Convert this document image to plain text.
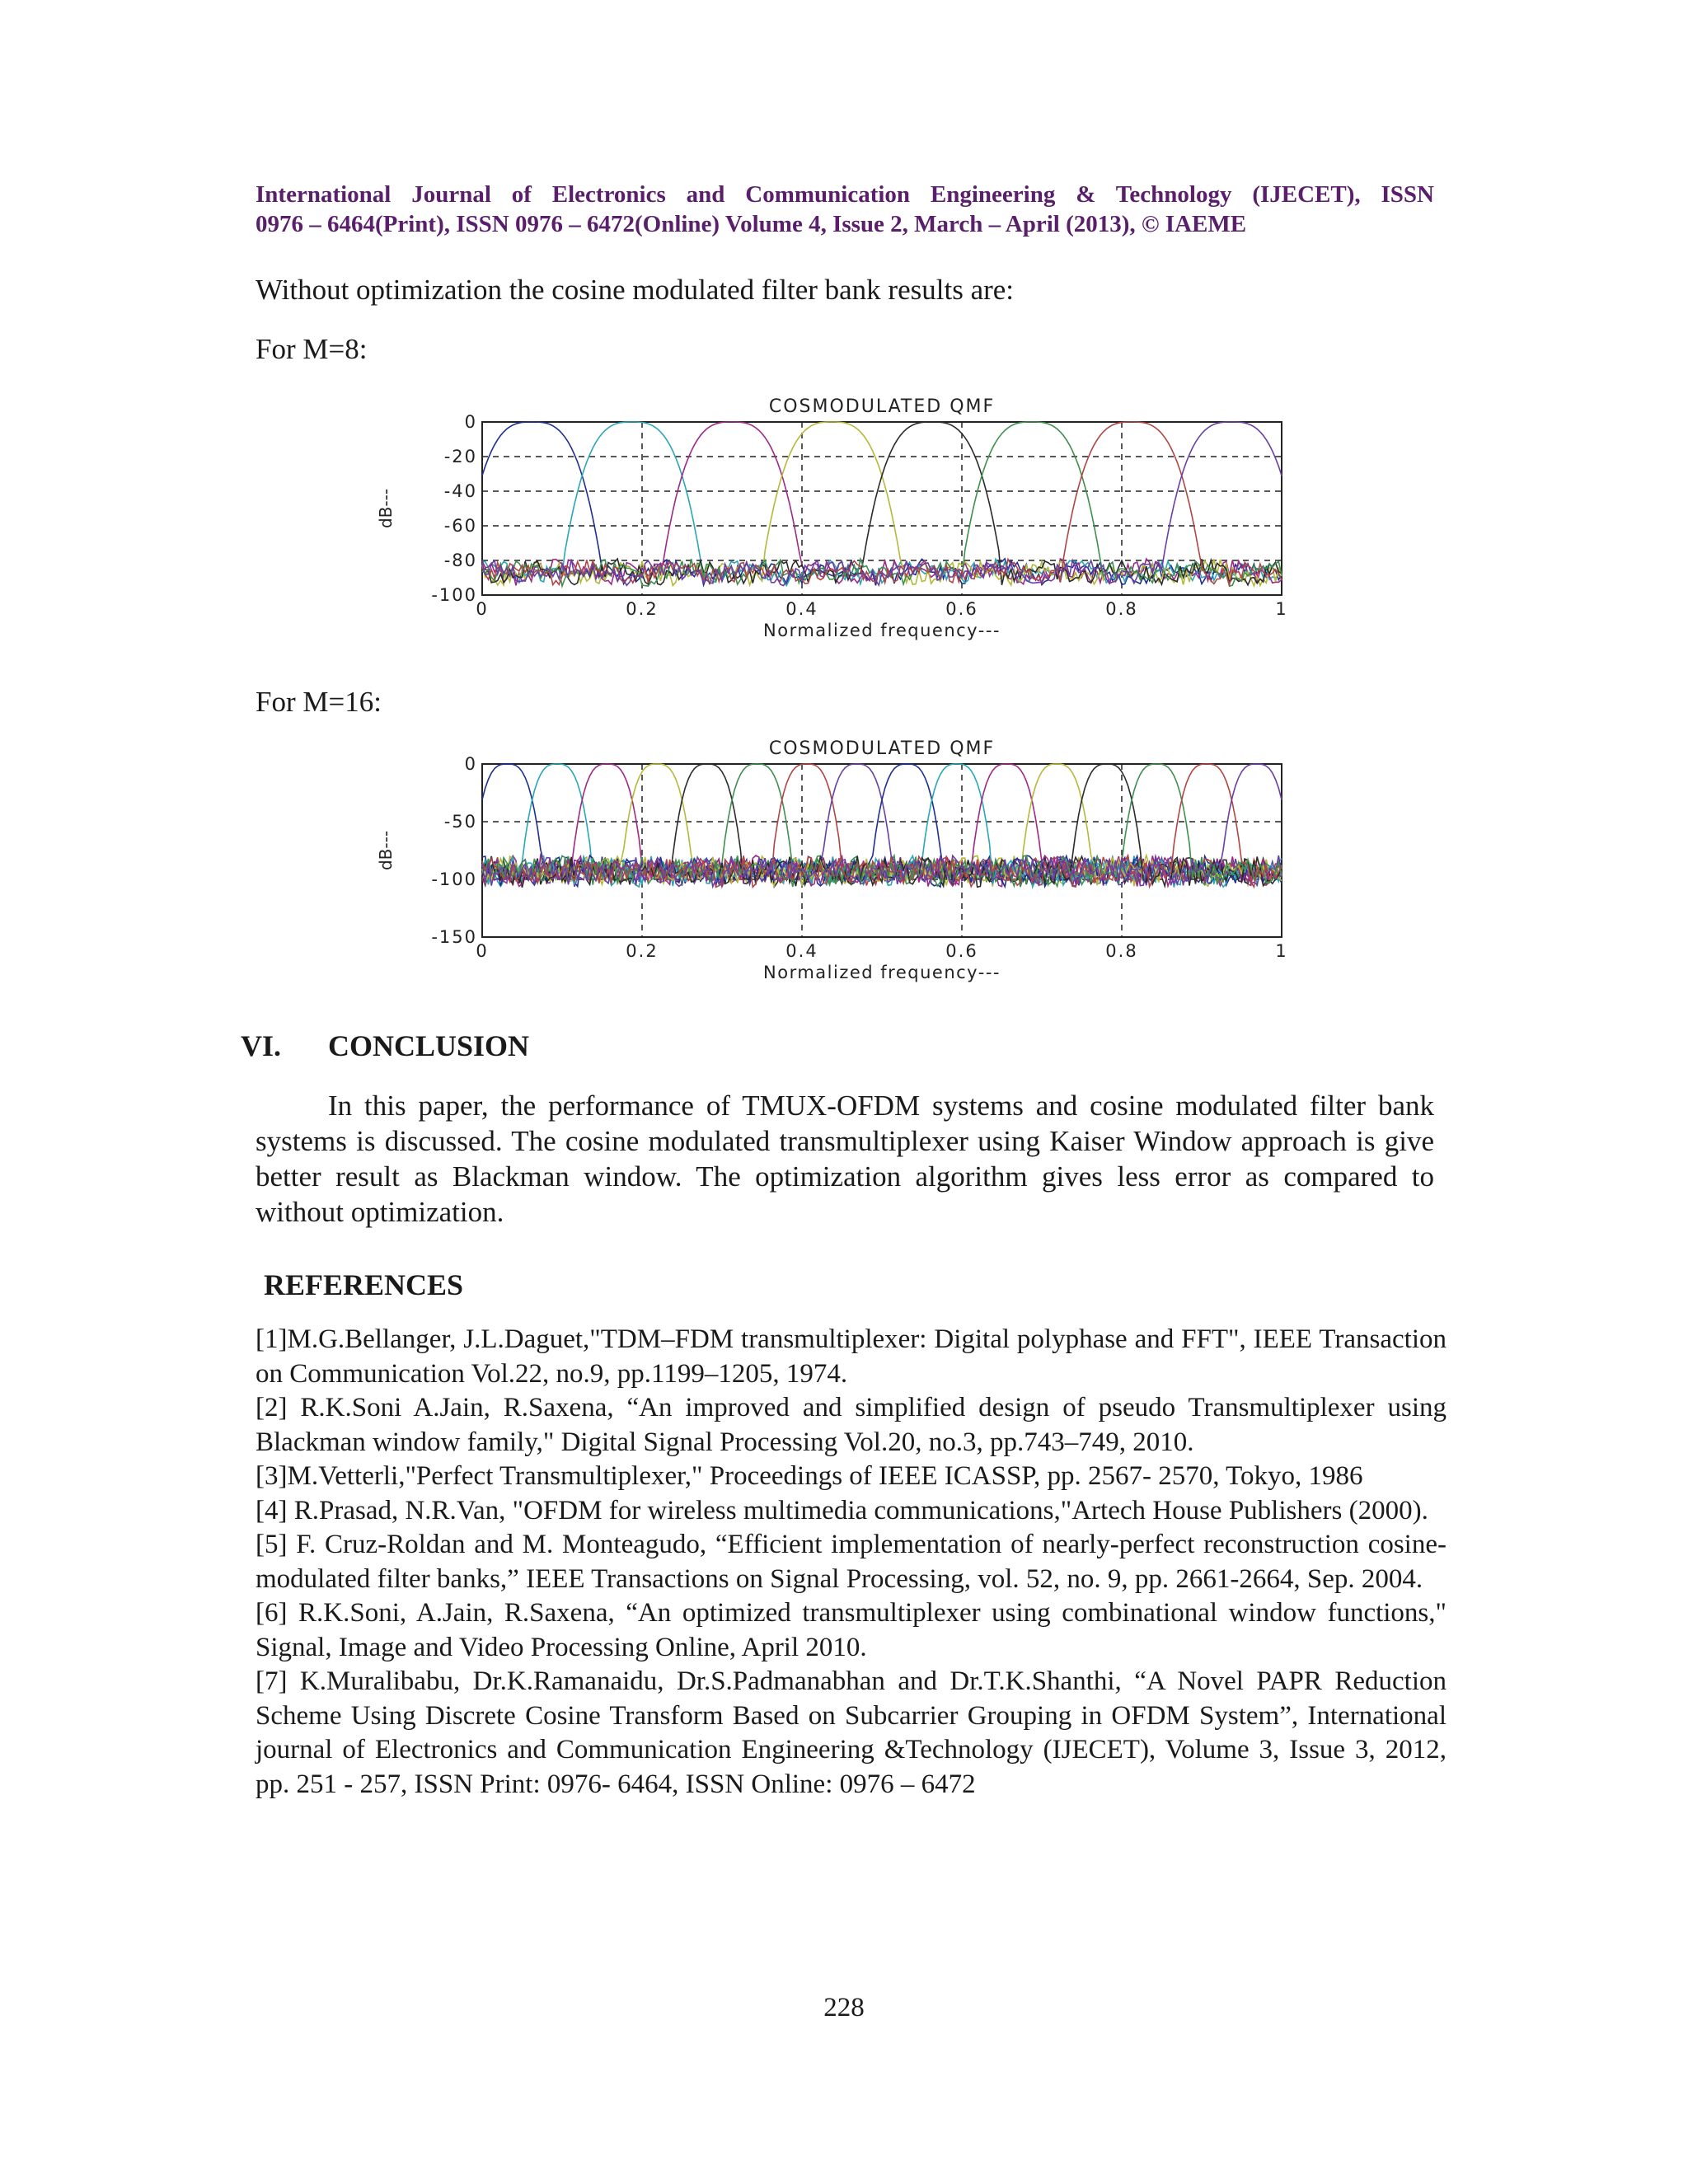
International Journal of Electronics and Communication Engineering & Technology (IJECET), ISSN
0976 – 6464(Print), ISSN 0976 – 6472(Online) Volume 4, Issue 2, March – April (2013), © IAEME
Without optimization the cosine modulated filter bank results are:
For M=8:
COSMODULATED QMF
0
-20
-40
-60
-80
-100
0	0.2	0.4	0.6	0.8	1
Normalized frequency---
dB---
For M=16:
COSMODULATED QMF
0
-50
-100
-150
0	0.2	0.4	0.6	0.8	1
Normalized frequency---
dB---
VI. CONCLUSION
In this paper, the performance of TMUX-OFDM systems and cosine modulated filter bank systems is discussed. The cosine modulated transmultiplexer using Kaiser Window approach is give better result as Blackman window. The optimization algorithm gives less error as compared to without optimization.
REFERENCES

[1]M.G.Bellanger, J.L.Daguet,"TDM–FDM transmultiplexer: Digital polyphase and FFT", IEEE Transaction on Communication Vol.22, no.9, pp.1199–1205, 1974.

[2] R.K.Soni A.Jain, R.Saxena, “An improved and simplified design of pseudo Transmultiplexer using Blackman window family," Digital Signal Processing Vol.20, no.3, pp.743–749, 2010.

[3]M.Vetterli,"Perfect Transmultiplexer," Proceedings of IEEE ICASSP, pp. 2567- 2570, Tokyo, 1986

[4] R.Prasad, N.R.Van, "OFDM for wireless multimedia communications,"Artech House Publishers (2000).

[5] F. Cruz-Roldan and M. Monteagudo, “Efficient implementation of nearly-perfect reconstruction cosine-modulated filter banks,” IEEE Transactions on Signal Processing, vol. 52, no. 9, pp. 2661-2664, Sep. 2004.

[6] R.K.Soni, A.Jain, R.Saxena, “An optimized transmultiplexer using combinational window functions," Signal, Image and Video Processing Online, April 2010.

[7] K.Muralibabu, Dr.K.Ramanaidu, Dr.S.Padmanabhan and Dr.T.K.Shanthi, “A Novel PAPR Reduction Scheme Using Discrete Cosine Transform Based on Subcarrier Grouping in OFDM System”, International journal of Electronics and Communication Engineering &Technology (IJECET), Volume 3, Issue 3, 2012, pp. 251 - 257, ISSN Print: 0976- 6464, ISSN Online: 0976 – 6472

228
